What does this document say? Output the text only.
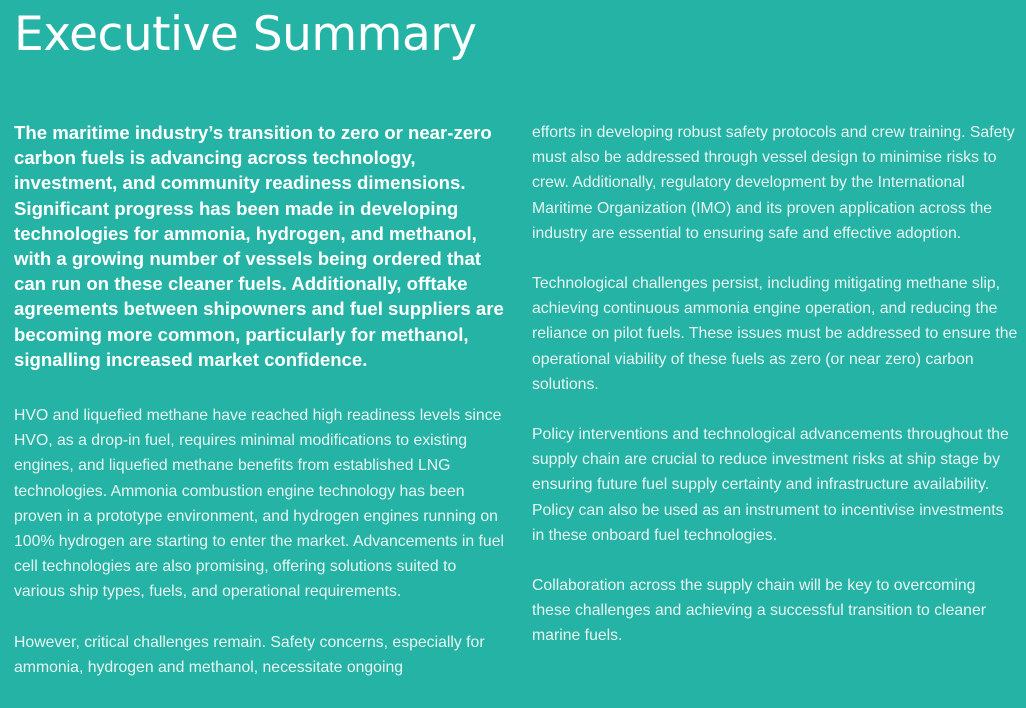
Executive Summary

The maritime industry’s transition to zero or near-zero carbon fuels is advancing across technology, investment, and community readiness dimensions. Significant progress has been made in developing technologies for ammonia, hydrogen, and methanol, with a growing number of vessels being ordered that can run on these cleaner fuels. Additionally, offtake agreements between shipowners and fuel suppliers are becoming more common, particularly for methanol, signalling increased market confidence.

HVO and liquefied methane have reached high readiness levels since HVO, as a drop-in fuel, requires minimal modifications to existing engines, and liquefied methane benefits from established LNG technologies. Ammonia combustion engine technology has been proven in a prototype environment, and hydrogen engines running on 100% hydrogen are starting to enter the market. Advancements in fuel cell technologies are also promising, offering solutions suited to various ship types, fuels, and operational requirements.

However, critical challenges remain. Safety concerns, especially for ammonia, hydrogen and methanol, necessitate ongoing

efforts in developing robust safety protocols and crew training. Safety must also be addressed through vessel design to minimise risks to crew. Additionally, regulatory development by the International Maritime Organization (IMO) and its proven application across the industry are essential to ensuring safe and effective adoption.

Technological challenges persist, including mitigating methane slip, achieving continuous ammonia engine operation, and reducing the reliance on pilot fuels. These issues must be addressed to ensure the operational viability of these fuels as zero (or near zero) carbon solutions.

Policy interventions and technological advancements throughout the supply chain are crucial to reduce investment risks at ship stage by ensuring future fuel supply certainty and infrastructure availability. Policy can also be used as an instrument to incentivise investments in these onboard fuel technologies.

Collaboration across the supply chain will be key to overcoming these challenges and achieving a successful transition to cleaner marine fuels.
